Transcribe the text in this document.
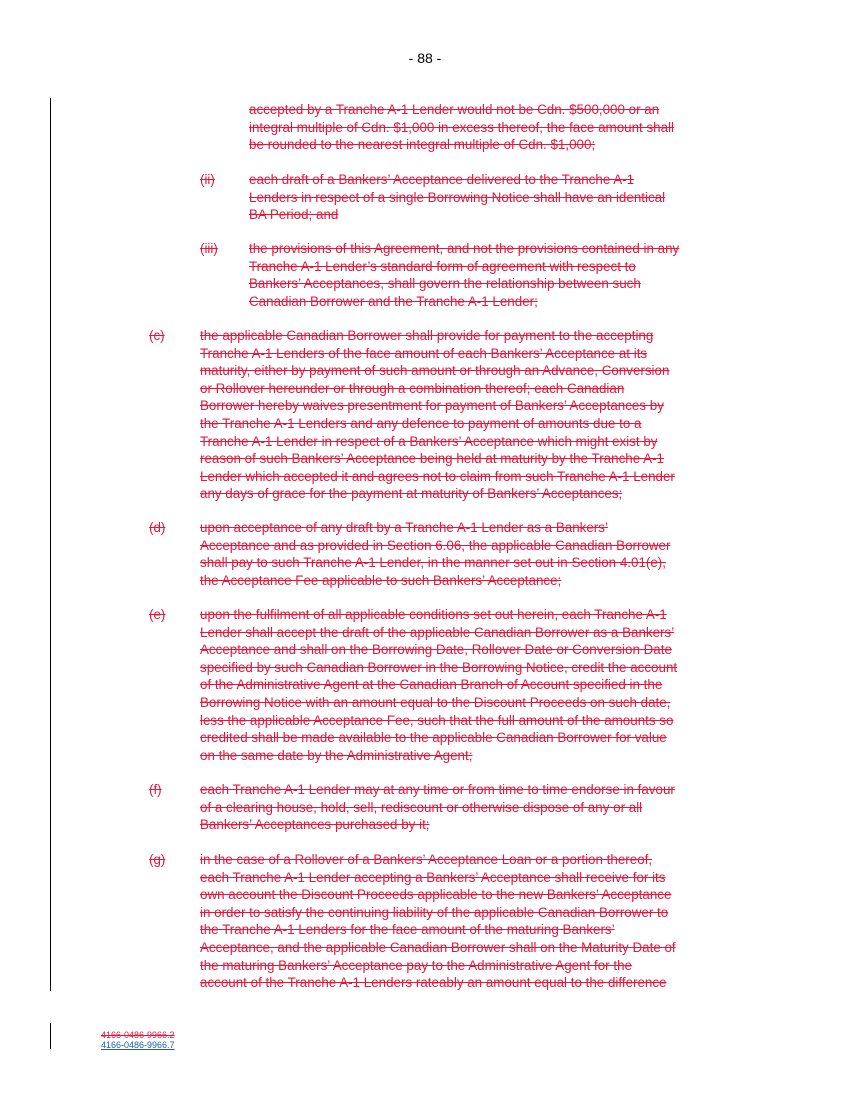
- 88 -
accepted by a Tranche A-1 Lender would not be Cdn. $500,000 or an
integral multiple of Cdn. $1,000 in excess thereof, the face amount shall
be rounded to the nearest integral multiple of Cdn. $1,000;
(ii)	each draft of a Bankers’ Acceptance delivered to the Tranche A-1
Lenders in respect of a single Borrowing Notice shall have an identical
BA Period; and
(iii)	the provisions of this Agreement, and not the provisions contained in any
Tranche A-1 Lender’s standard form of agreement with respect to
Bankers’ Acceptances, shall govern the relationship between such
Canadian Borrower and the Tranche A-1 Lender;
(c)	the applicable Canadian Borrower shall provide for payment to the accepting
Tranche A-1 Lenders of the face amount of each Bankers’ Acceptance at its
maturity, either by payment of such amount or through an Advance, Conversion
or Rollover hereunder or through a combination thereof; each Canadian
Borrower hereby waives presentment for payment of Bankers’ Acceptances by
the Tranche A-1 Lenders and any defence to payment of amounts due to a
Tranche A-1 Lender in respect of a Bankers’ Acceptance which might exist by
reason of such Bankers’ Acceptance being held at maturity by the Tranche A-1
Lender which accepted it and agrees not to claim from such Tranche A-1 Lender
any days of grace for the payment at maturity of Bankers’ Acceptances;
(d)	upon acceptance of any draft by a Tranche A-1 Lender as a Bankers’
Acceptance and as provided in Section 6.06, the applicable Canadian Borrower
shall pay to such Tranche A-1 Lender, in the manner set out in Section 4.01(e),
the Acceptance Fee applicable to such Bankers’ Acceptance;
(e)	upon the fulfilment of all applicable conditions set out herein, each Tranche A-1
Lender shall accept the draft of the applicable Canadian Borrower as a Bankers’
Acceptance and shall on the Borrowing Date, Rollover Date or Conversion Date
specified by such Canadian Borrower in the Borrowing Notice, credit the account
of the Administrative Agent at the Canadian Branch of Account specified in the
Borrowing Notice with an amount equal to the Discount Proceeds on such date,
less the applicable Acceptance Fee, such that the full amount of the amounts so
credited shall be made available to the applicable Canadian Borrower for value
on the same date by the Administrative Agent;
(f)	each Tranche A-1 Lender may at any time or from time to time endorse in favour
of a clearing house, hold, sell, rediscount or otherwise dispose of any or all
Bankers’ Acceptances purchased by it;
(g)	in the case of a Rollover of a Bankers’ Acceptance Loan or a portion thereof,
each Tranche A-1 Lender accepting a Bankers’ Acceptance shall receive for its
own account the Discount Proceeds applicable to the new Bankers’ Acceptance
in order to satisfy the continuing liability of the applicable Canadian Borrower to
the Tranche A-1 Lenders for the face amount of the maturing Bankers’
Acceptance, and the applicable Canadian Borrower shall on the Maturity Date of
the maturing Bankers’ Acceptance pay to the Administrative Agent for the
account of the Tranche A-1 Lenders rateably an amount equal to the difference
4166-0486-9966.2
4166-0486-9966.7
